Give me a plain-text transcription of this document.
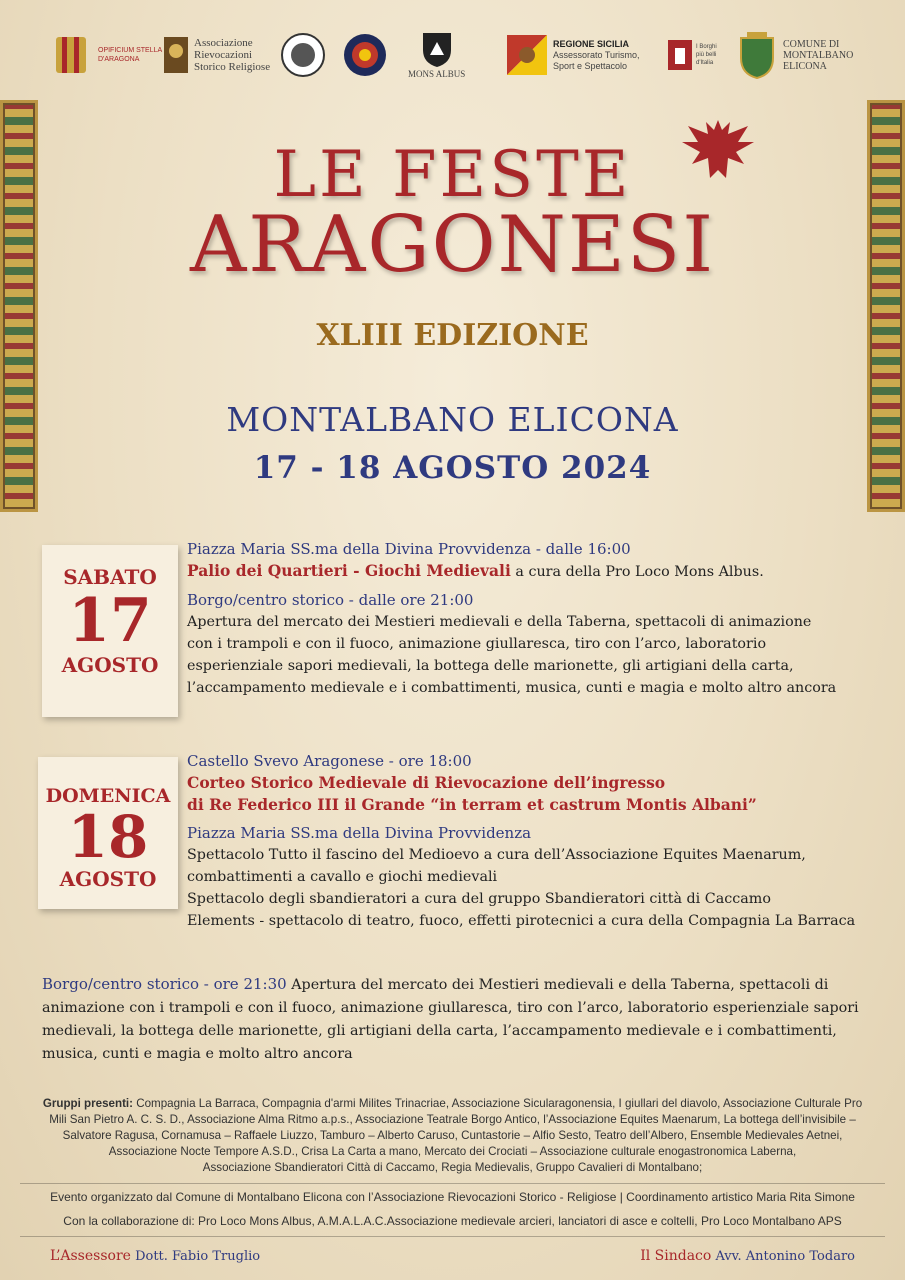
OPIFICIUM STELLA D'ARAGONA
Associazione
Rievocazioni
Storico Religiose
MONS ALBUS
REGIONE SICILIA
Assessorato Turismo,
Sport e Spettacolo
I Borghi più belli d'Italia
COMUNE DI
MONTALBANO
ELICONA
LE FESTE
ARAGONESI
XLIII EDIZIONE
MONTALBANO ELICONA
17 - 18 AGOSTO 2024
SABATO
17
AGOSTO
Piazza Maria SS.ma della Divina Provvidenza - dalle 16:00
Palio dei Quartieri - Giochi Medievali a cura della Pro Loco Mons Albus.
Borgo/centro storico - dalle ore 21:00
Apertura del mercato dei Mestieri medievali e della Taberna, spettacoli di animazione
con i trampoli e con il fuoco, animazione giullaresca, tiro con l’arco, laboratorio
esperienziale sapori medievali, la bottega delle marionette, gli artigiani della carta,
l’accampamento medievale e i combattimenti, musica, cunti e magia e molto altro ancora
DOMENICA
18
AGOSTO
Castello Svevo Aragonese - ore 18:00
Corteo Storico Medievale di Rievocazione dell’ingresso
di Re Federico III il Grande “in terram et castrum Montis Albani”
Piazza Maria SS.ma della Divina Provvidenza
Spettacolo Tutto il fascino del Medioevo a cura dell’Associazione Equites Maenarum,
combattimenti a cavallo e giochi medievali
Spettacolo degli sbandieratori a cura del gruppo Sbandieratori città di Caccamo
Elements - spettacolo di teatro, fuoco, effetti pirotecnici a cura della Compagnia La Barraca
Borgo/centro storico - ore 21:30 Apertura del mercato dei Mestieri medievali e della Taberna, spettacoli di
animazione con i trampoli e con il fuoco, animazione giullaresca, tiro con l’arco, laboratorio esperienziale sapori
medievali, la bottega delle marionette, gli artigiani della carta, l’accampamento medievale e i combattimenti,
musica, cunti e magia e molto altro ancora
Gruppi presenti: Compagnia La Barraca, Compagnia d'armi Milites Trinacriae, Associazione Sicularagonensia, I giullari del diavolo, Associazione Culturale Pro
Mili San Pietro A. C. S. D., Associazione Alma Ritmo a.p.s., Associazione Teatrale Borgo Antico, l’Associazione Equites Maenarum, La bottega dell’invisibile –
Salvatore Ragusa, Cornamusa – Raffaele Liuzzo, Tamburo – Alberto Caruso, Cuntastorie – Alfio Sesto, Teatro dell’Albero, Ensemble Medievales Aetnei,
Associazione Nocte Tempore A.S.D., Crisa La Carta a mano, Mercato dei Crociati – Associazione culturale enogastronomica Laberna,
Associazione Sbandieratori Città di Caccamo, Regia Medievalis, Gruppo Cavalieri di Montalbano;
Evento organizzato dal Comune di Montalbano Elicona con l’Associazione Rievocazioni Storico - Religiose | Coordinamento artistico Maria Rita Simone
Con la collaborazione di: Pro Loco Mons Albus, A.M.A.L.A.C.Associazione medievale arcieri, lanciatori di asce e coltelli, Pro Loco Montalbano APS
L’Assessore Dott. Fabio Truglio	Il Sindaco Avv. Antonino Todaro
